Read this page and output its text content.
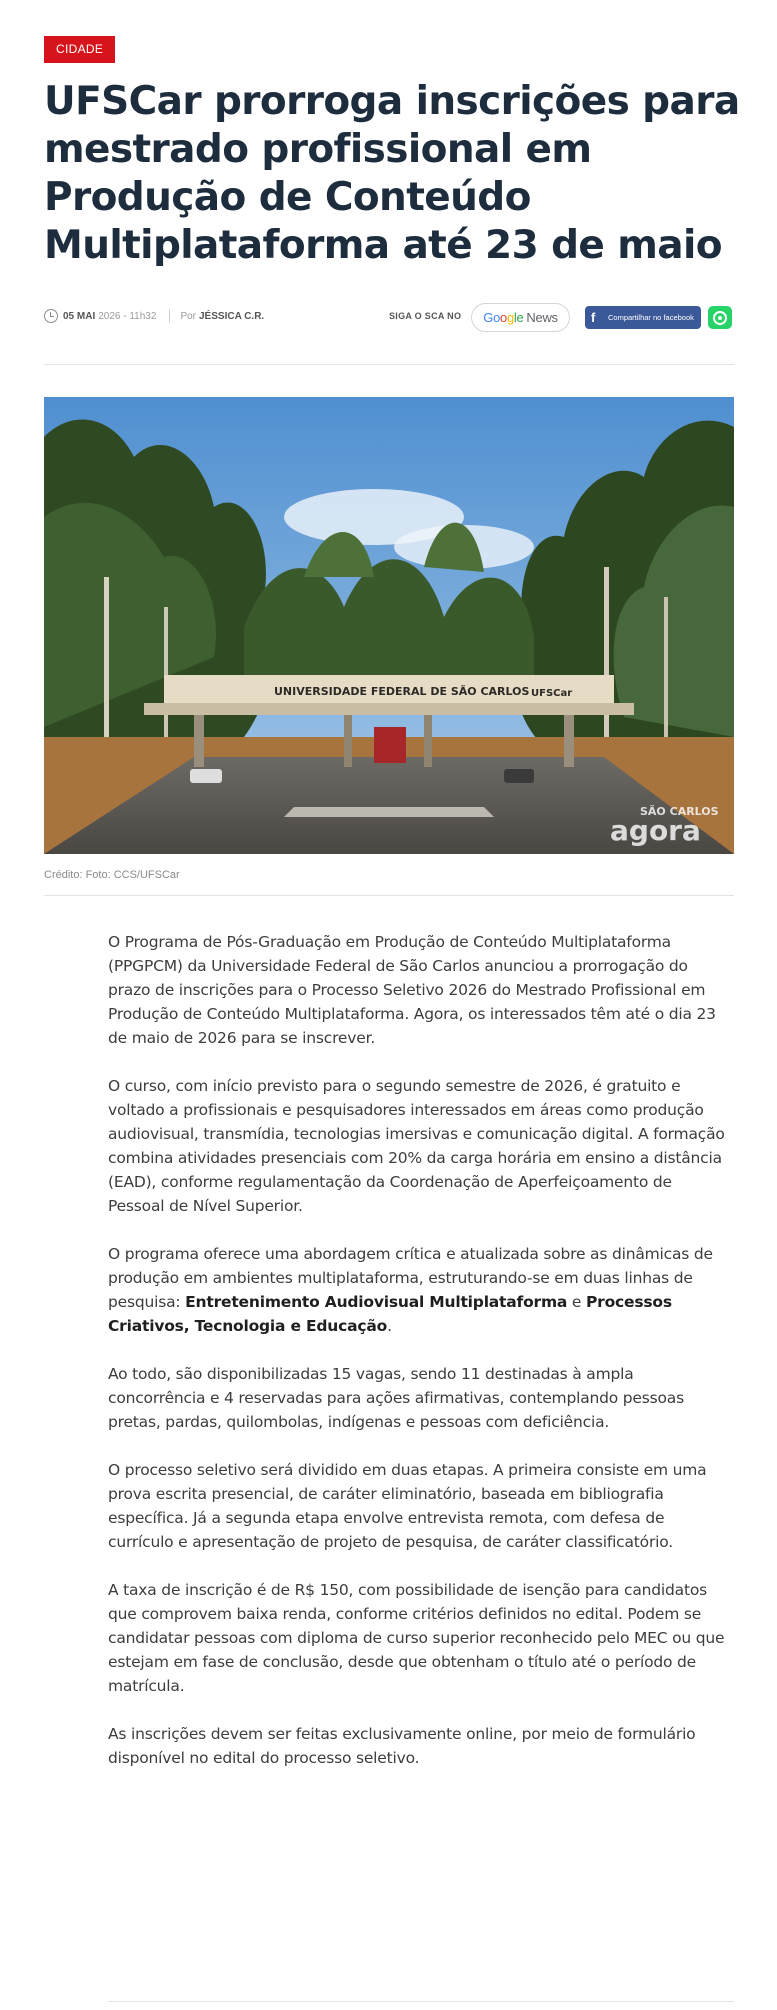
CIDADE
UFSCar prorroga inscrições para mestrado profissional em Produção de Conteúdo Multiplataforma até 23 de maio
05 MAI 2026 - 11h32 Por JÉSSICA C.R.	SIGA O SCA NO Go o g le News	f	Compartilhar no facebook
UNIVERSIDADE FEDERAL DE SÃO CARLOS UFSCar
SÃO CARLOS
agora
Crédito: Foto: CCS/UFSCar

O Programa de Pós-Graduação em Produção de Conteúdo Multiplataforma (PPGPCM) da Universidade Federal de São Carlos anunciou a prorrogação do prazo de inscrições para o Processo Seletivo 2026 do Mestrado Profissional em Produção de Conteúdo Multiplataforma. Agora, os interessados têm até o dia 23 de maio de 2026 para se inscrever.

O curso, com início previsto para o segundo semestre de 2026, é gratuito e voltado a profissionais e pesquisadores interessados em áreas como produção audiovisual, transmídia, tecnologias imersivas e comunicação digital. A formação combina atividades presenciais com 20% da carga horária em ensino a distância (EAD), conforme regulamentação da Coordenação de Aperfeiçoamento de Pessoal de Nível Superior.

O programa oferece uma abordagem crítica e atualizada sobre as dinâmicas de produção em ambientes multiplataforma, estruturando-se em duas linhas de pesquisa: Entretenimento Audiovisual Multiplataforma e Processos Criativos, Tecnologia e Educação.

Ao todo, são disponibilizadas 15 vagas, sendo 11 destinadas à ampla concorrência e 4 reservadas para ações afirmativas, contemplando pessoas pretas, pardas, quilombolas, indígenas e pessoas com deficiência.

O processo seletivo será dividido em duas etapas. A primeira consiste em uma prova escrita presencial, de caráter eliminatório, baseada em bibliografia específica. Já a segunda etapa envolve entrevista remota, com defesa de currículo e apresentação de projeto de pesquisa, de caráter classificatório.

A taxa de inscrição é de R$ 150, com possibilidade de isenção para candidatos que comprovem baixa renda, conforme critérios definidos no edital. Podem se candidatar pessoas com diploma de curso superior reconhecido pelo MEC ou que estejam em fase de conclusão, desde que obtenham o título até o período de matrícula.

As inscrições devem ser feitas exclusivamente online, por meio de formulário disponível no edital do processo seletivo.
